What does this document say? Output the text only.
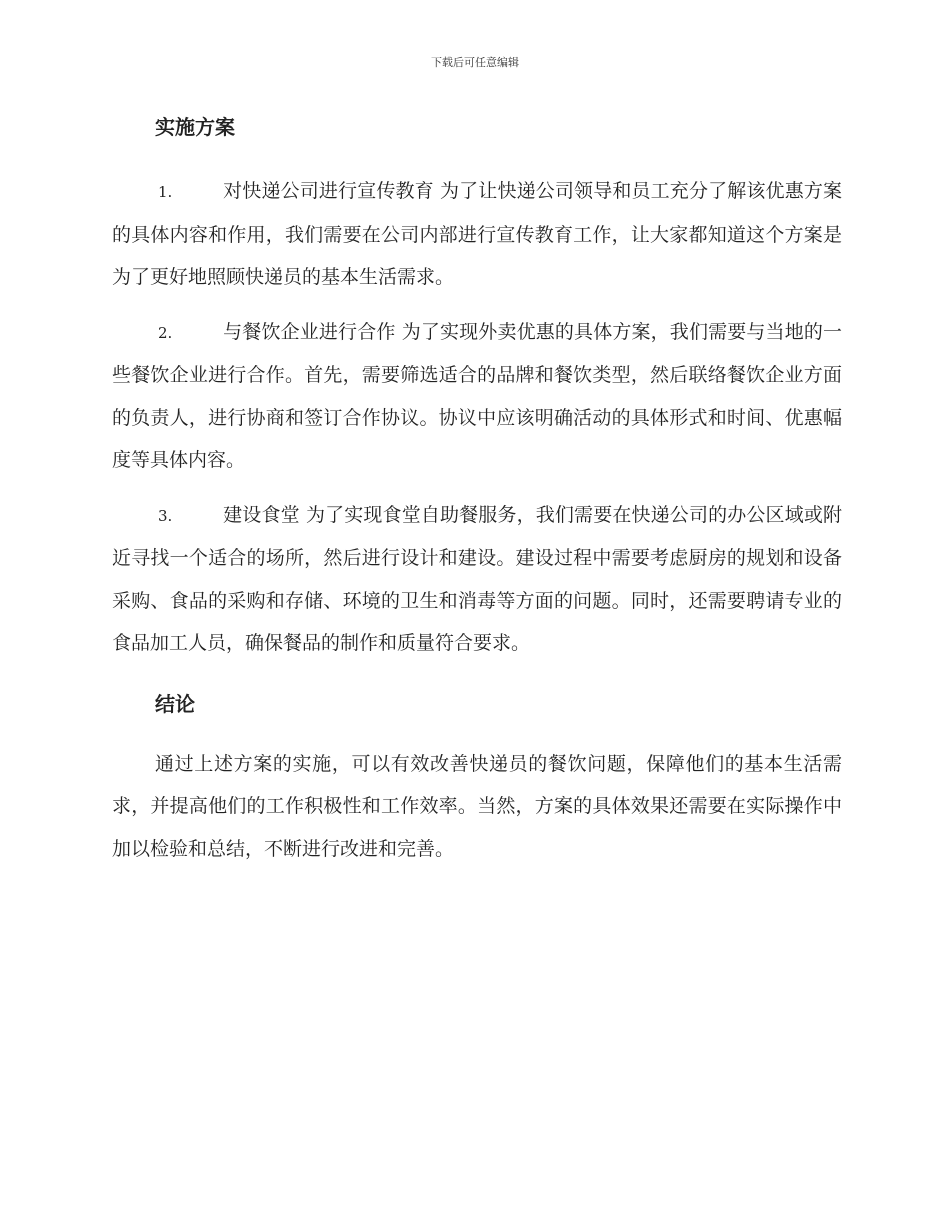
下载后可任意编辑
实施方案

1.	对快递公司进行宣传教育 为了让快递公司领导和员工充分了解该优惠方案的具体内容和作用，我们需要在公司内部进行宣传教育工作，让大家都知道这个方案是为了更好地照顾快递员的基本生活需求。

2.	与餐饮企业进行合作 为了实现外卖优惠的具体方案，我们需要与当地的一些餐饮企业进行合作。首先，需要筛选适合的品牌和餐饮类型，然后联络餐饮企业方面的负责人，进行协商和签订合作协议。协议中应该明确活动的具体形式和时间、优惠幅度等具体内容。

3.	建设食堂 为了实现食堂自助餐服务，我们需要在快递公司的办公区域或附近寻找一个适合的场所，然后进行设计和建设。建设过程中需要考虑厨房的规划和设备采购、食品的采购和存储、环境的卫生和消毒等方面的问题。同时，还需要聘请专业的食品加工人员，确保餐品的制作和质量符合要求。

结论

通过上述方案的实施，可以有效改善快递员的餐饮问题，保障他们的基本生活需求，并提高他们的工作积极性和工作效率。当然，方案的具体效果还需要在实际操作中加以检验和总结，不断进行改进和完善。
